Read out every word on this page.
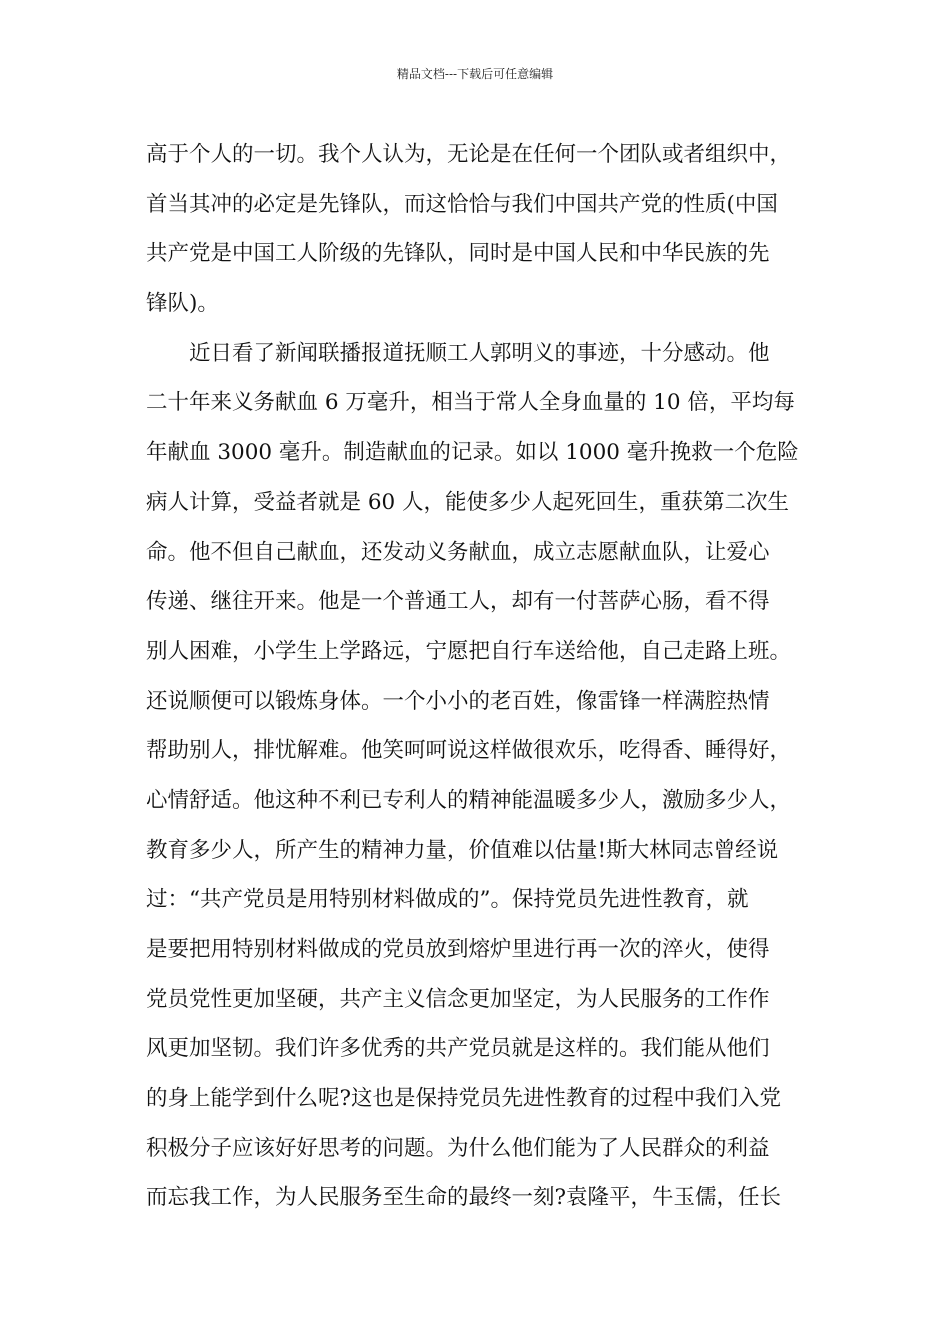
精品文档---下载后可任意编辑
高于个人的一切。我个人认为，无论是在任何一个团队或者组织中，
首当其冲的必定是先锋队，而这恰恰与我们中国共产党的性质(中国
共产党是中国工人阶级的先锋队，同时是中国人民和中华民族的先
锋队)。
近日看了新闻联播报道抚顺工人郭明义的事迹，十分感动。他
二十年来义务献血 6 万毫升，相当于常人全身血量的 10 倍，平均每
年献血 3000 毫升。制造献血的记录。如以 1000 毫升挽救一个危险
病人计算，受益者就是 60 人，能使多少人起死回生，重获第二次生
命。他不但自己献血，还发动义务献血，成立志愿献血队，让爱心
传递、继往开来。他是一个普通工人，却有一付菩萨心肠，看不得
别人困难，小学生上学路远，宁愿把自行车送给他，自己走路上班。
还说顺便可以锻炼身体。一个小小的老百姓，像雷锋一样满腔热情
帮助别人，排忧解难。他笑呵呵说这样做很欢乐，吃得香、睡得好，
心情舒适。他这种不利已专利人的精神能温暖多少人，激励多少人，
教育多少人，所产生的精神力量，价值难以估量!斯大林同志曾经说
过：“共产党员是用特别材料做成的”。保持党员先进性教育，就
是要把用特别材料做成的党员放到熔炉里进行再一次的淬火，使得
党员党性更加坚硬，共产主义信念更加坚定，为人民服务的工作作
风更加坚韧。我们许多优秀的共产党员就是这样的。我们能从他们
的身上能学到什么呢?这也是保持党员先进性教育的过程中我们入党
积极分子应该好好思考的问题。为什么他们能为了人民群众的利益
而忘我工作，为人民服务至生命的最终一刻?袁隆平，牛玉儒，任长
